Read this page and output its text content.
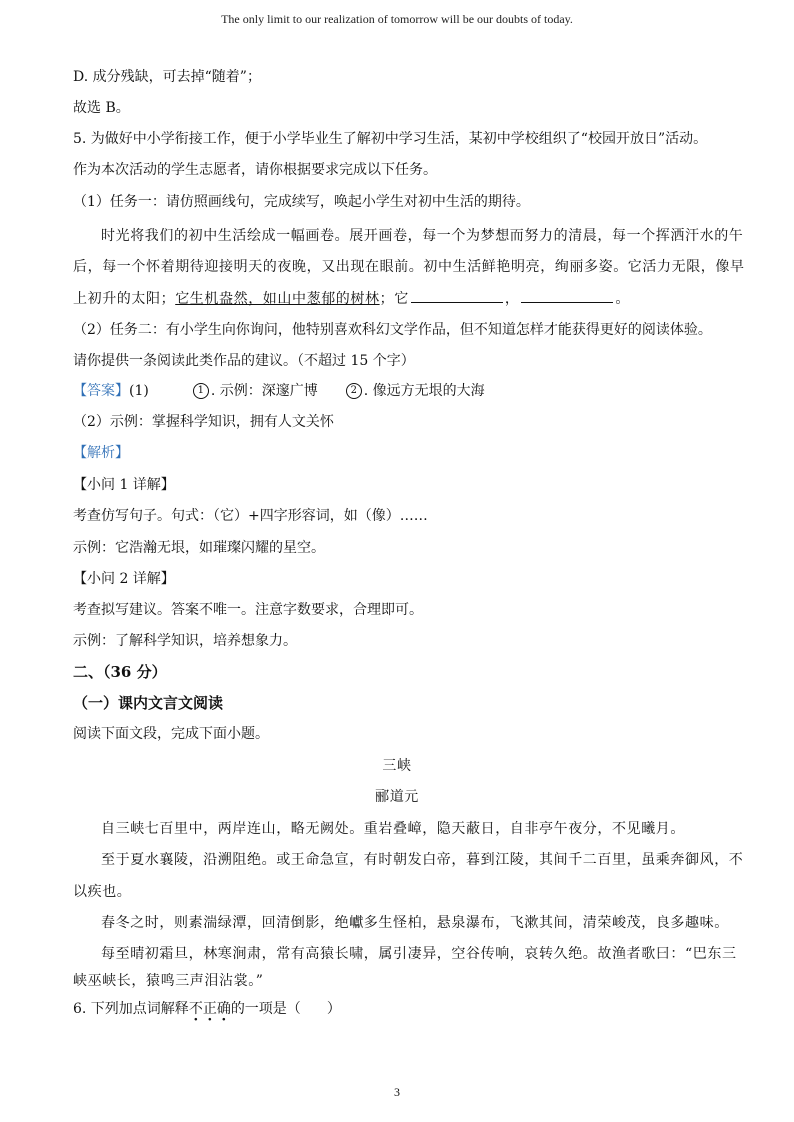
The only limit to our realization of tomorrow will be our doubts of today.
D. 成分残缺，可去掉“随着”；
故选 B。
5. 为做好中小学衔接工作，便于小学毕业生了解初中学习生活，某初中学校组织了“校园开放日”活动。
作为本次活动的学生志愿者，请你根据要求完成以下任务。
（1）任务一：请仿照画线句，完成续写，唤起小学生对初中生活的期待。
时光将我们的初中生活绘成一幅画卷。展开画卷，每一个为梦想而努力的清晨，每一个挥洒汗水的午
后，每一个怀着期待迎接明天的夜晚，又出现在眼前。初中生活鲜艳明亮，绚丽多姿。它活力无限，像早
上初升的太阳；它生机盎然，如山中葱郁的树林；它	，	。
（2）任务二：有小学生向你询问，他特别喜欢科幻文学作品，但不知道怎样才能获得更好的阅读体验。
请你提供一条阅读此类作品的建议。（不超过 15 个字）
【答案】(1)	1 . 示例：深邃广博	2 . 像远方无垠的大海
（2）示例：掌握科学知识，拥有人文关怀
【解析】
【小问 1 详解】
考查仿写句子。句式：（它）+四字形容词，如（像）……
示例：它浩瀚无垠，如璀璨闪耀的星空。
【小问 2 详解】
考查拟写建议。答案不唯一。注意字数要求，合理即可。
示例：了解科学知识，培养想象力。
二、（36 分）
（一）课内文言文阅读
阅读下面文段，完成下面小题。
三峡
郦道元
自三峡七百里中，两岸连山，略无阙处。重岩叠嶂，隐天蔽日，自非亭午夜分，不见曦月。
至于夏水襄陵，沿溯阻绝。或王命急宣，有时朝发白帝，暮到江陵，其间千二百里，虽乘奔御风，不
以疾也。
春冬之时，则素湍绿潭，回清倒影，绝巘多生怪柏，悬泉瀑布，飞漱其间，清荣峻茂，良多趣味。
每至晴初霜旦，林寒涧肃，常有高猿长啸，属引凄异，空谷传响，哀转久绝。故渔者歌曰：“巴东三
峡巫峡长，猿鸣三声泪沾裳。”
6. 下列加点词解释不正确的一项是（ ）
3
